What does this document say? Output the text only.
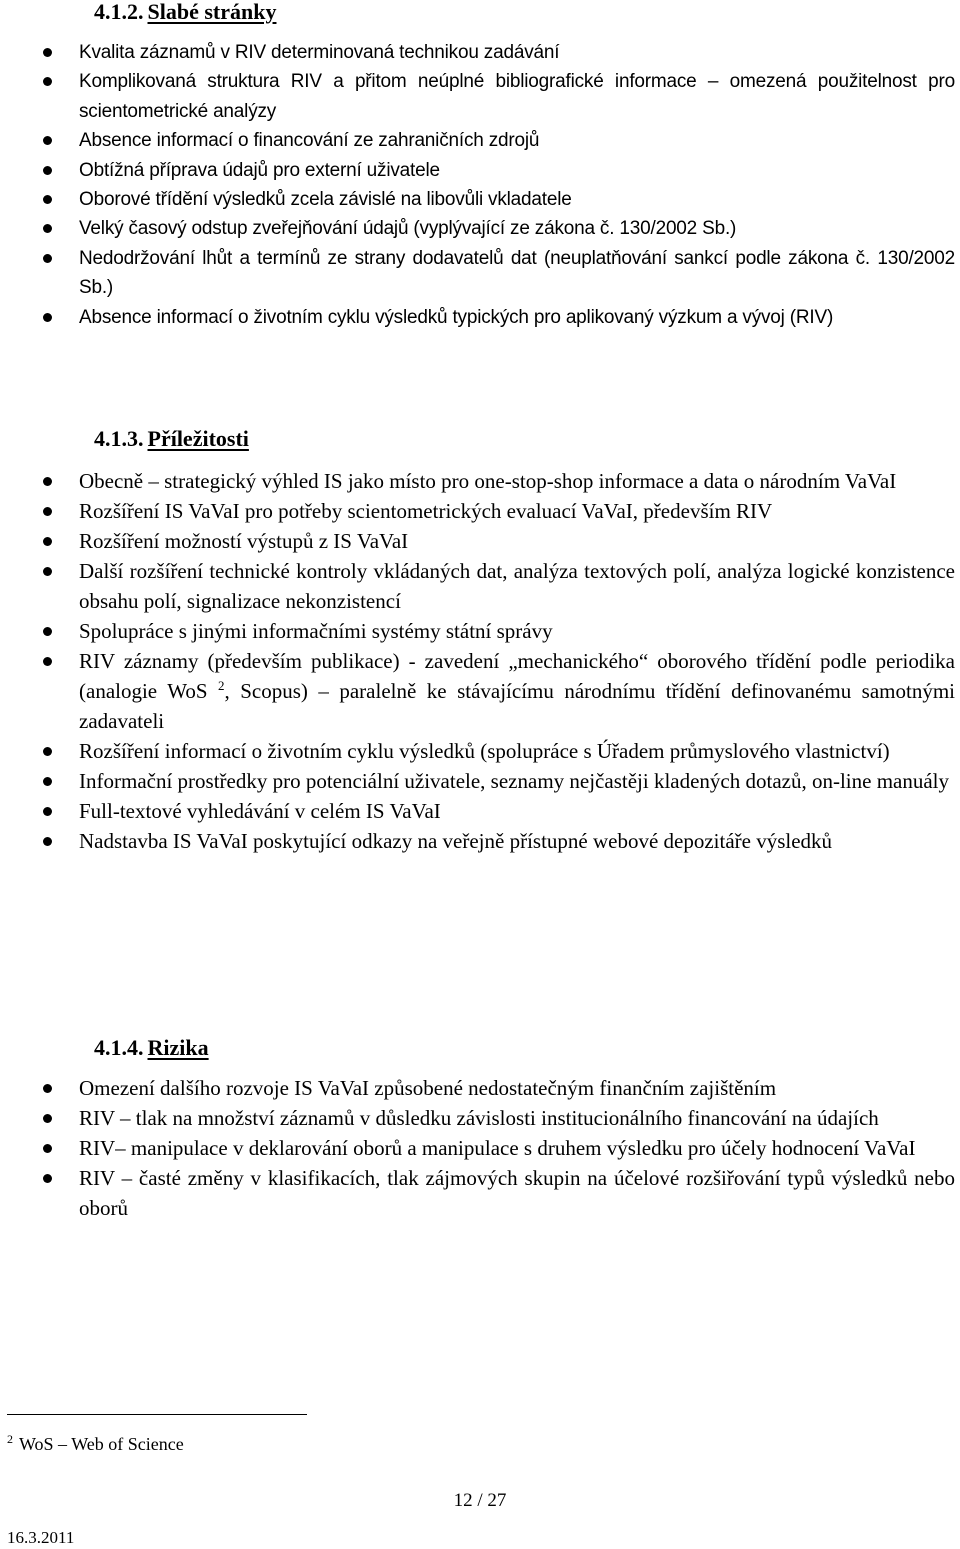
4.1.2. Slabé stránky
Kvalita záznamů v RIV determinovaná technikou zadávání
Komplikovaná struktura RIV a přitom neúplné bibliografické informace – omezená použitelnost pro scientometrické analýzy
Absence informací o financování ze zahraničních zdrojů
Obtížná příprava údajů pro externí uživatele
Oborové třídění výsledků zcela závislé na libovůli vkladatele
Velký časový odstup zveřejňování údajů (vyplývající ze zákona č. 130/2002 Sb.)
Nedodržování lhůt a termínů ze strany dodavatelů dat (neuplatňování sankcí podle zákona č. 130/2002 Sb.)
Absence informací o životním cyklu výsledků typických pro aplikovaný výzkum a vývoj (RIV)
4.1.3. Příležitosti
Obecně – strategický výhled IS jako místo pro one-stop-shop informace a data o národním VaVaI
Rozšíření IS VaVaI pro potřeby scientometrických evaluací VaVaI, především RIV
Rozšíření možností výstupů z IS VaVaI
Další rozšíření technické kontroly vkládaných dat, analýza textových polí, analýza logické konzistence obsahu polí, signalizace nekonzistencí
Spolupráce s jinými informačními systémy státní správy
RIV záznamy (především publikace) - zavedení „mechanického“ oborového třídění podle periodika (analogie WoS $^2$, Scopus) – paralelně ke stávajícímu národnímu třídění definovanému samotnými zadavateli
Rozšíření informací o životním cyklu výsledků (spolupráce s Úřadem průmyslového vlastnictví)
Informační prostředky pro potenciální uživatele, seznamy nejčastěji kladených dotazů, on-line manuály
Full-textové vyhledávání v celém IS VaVaI
Nadstavba IS VaVaI poskytující odkazy na veřejně přístupné webové depozitáře výsledků
4.1.4. Rizika
Omezení dalšího rozvoje IS VaVaI způsobené nedostatečným finančním zajištěním
RIV – tlak na množství záznamů v důsledku závislosti institucionálního financování na údajích
RIV– manipulace v deklarování oborů a manipulace s druhem výsledku pro účely hodnocení VaVaI
RIV – časté změny v klasifikacích, tlak zájmových skupin na účelové rozšiřování typů výsledků nebo oborů
$^2$ WoS – Web of Science
12 / 27
16.3.2011
